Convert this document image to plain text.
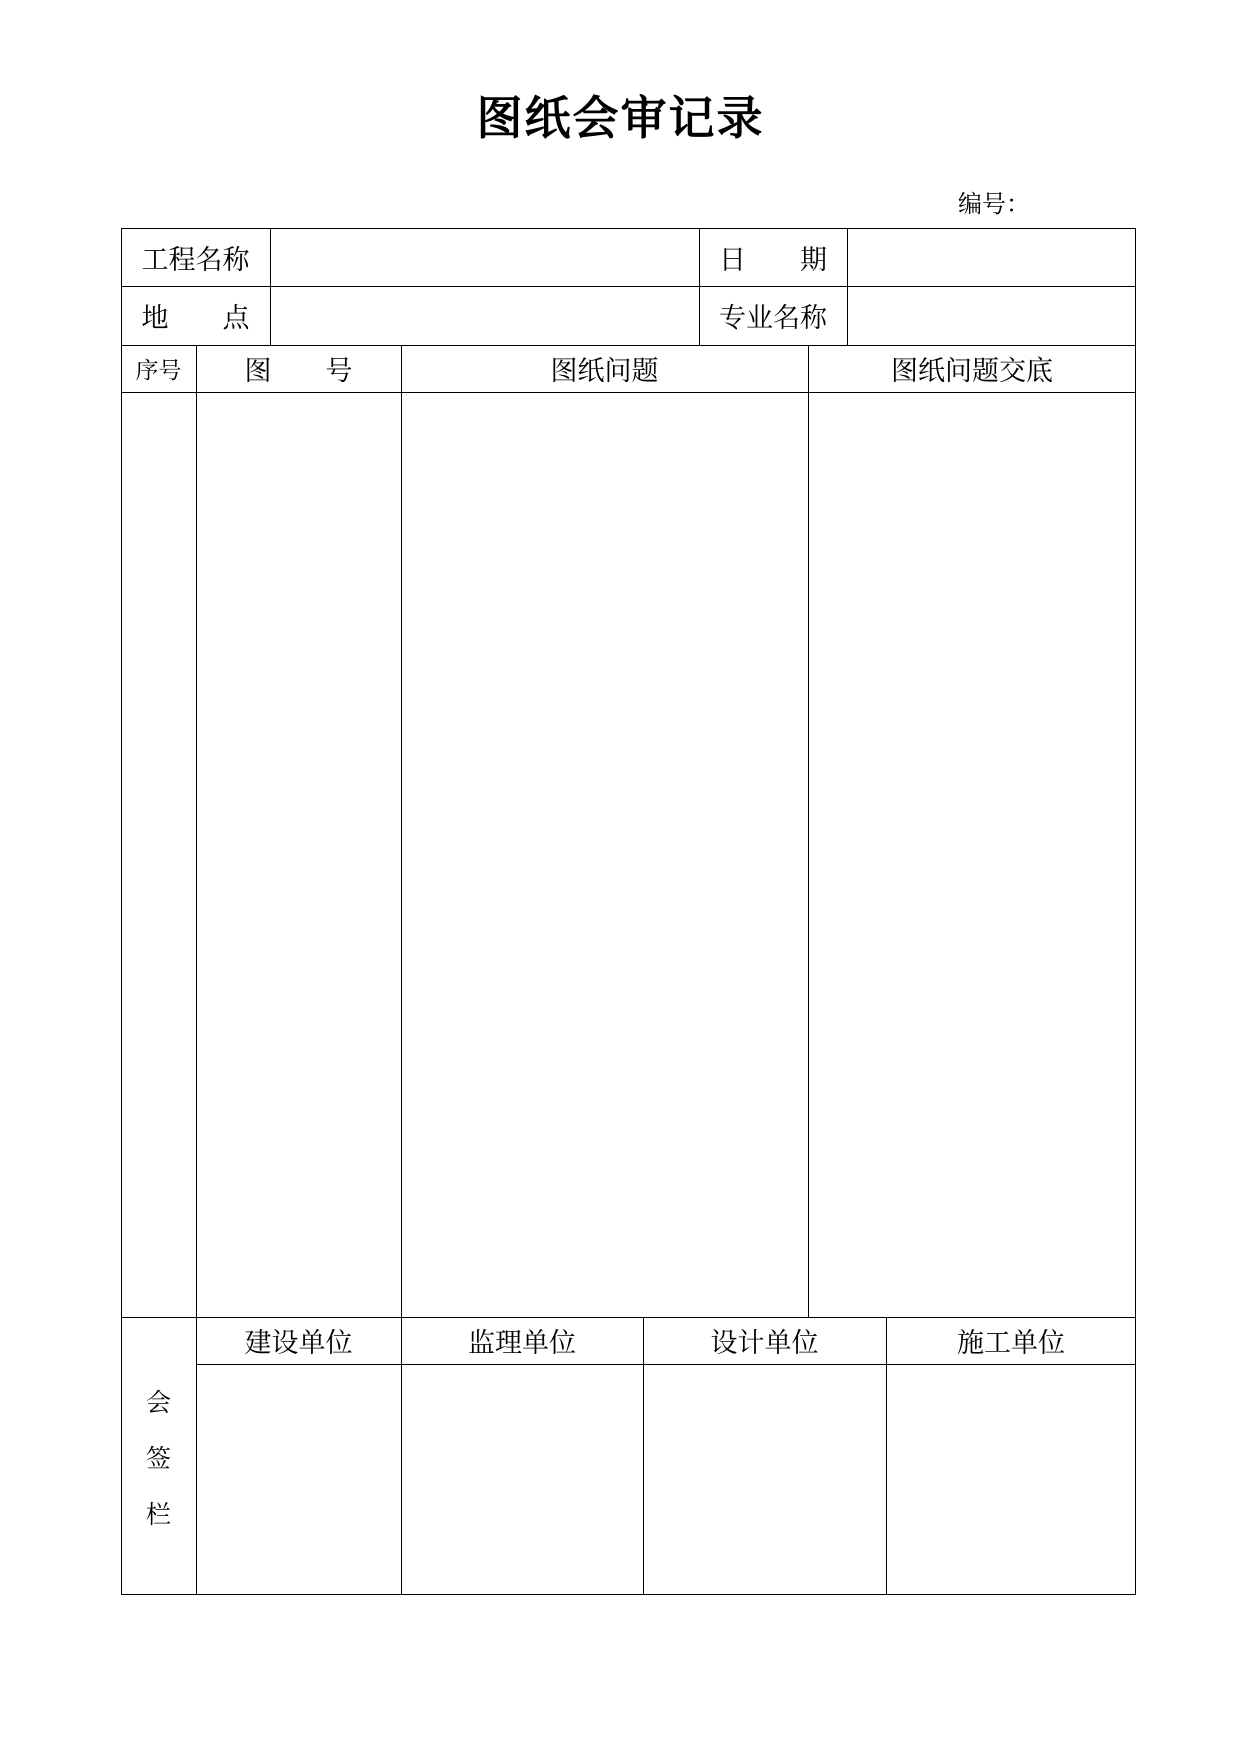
图纸会审记录
编号：
工程名称	日　　期
地　　点	专业名称
序号	图　　号	图纸问题	图纸问题交底
会
签
栏
建设单位	监理单位	设计单位	施工单位
